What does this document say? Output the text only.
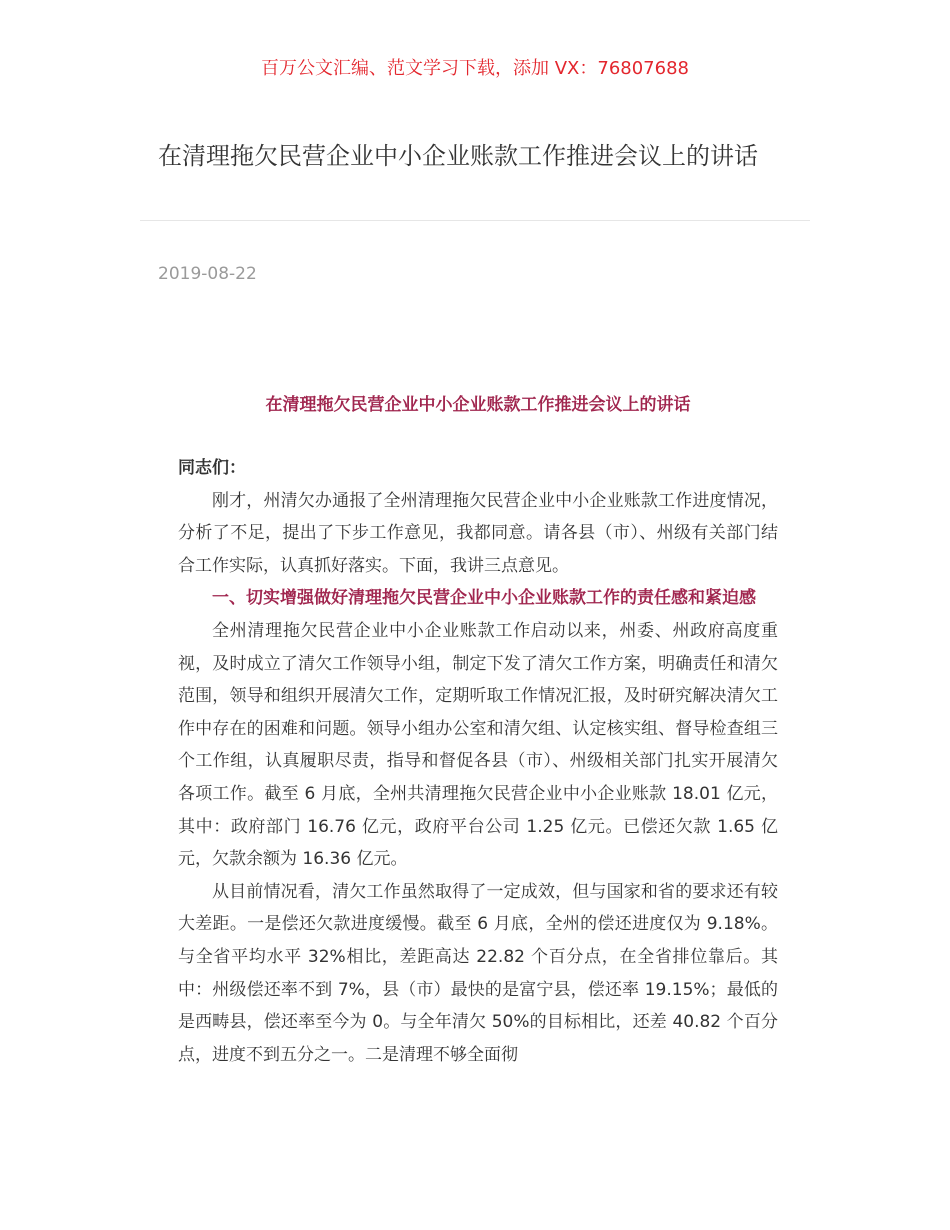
百万公文汇编、范文学习下载，添加 VX：76807688
在清理拖欠民营企业中小企业账款工作推进会议上的讲话
2019-08-22

在清理拖欠民营企业中小企业账款工作推进会议上的讲话

同志们：

刚才，州清欠办通报了全州清理拖欠民营企业中小企业账款工作进度情况，分析了不足，提出了下步工作意见，我都同意。请各县（市）、州级有关部门结合工作实际，认真抓好落实。下面，我讲三点意见。

一、切实增强做好清理拖欠民营企业中小企业账款工作的责任感和紧迫感

全州清理拖欠民营企业中小企业账款工作启动以来，州委、州政府高度重视，及时成立了清欠工作领导小组，制定下发了清欠工作方案，明确责任和清欠范围，领导和组织开展清欠工作，定期听取工作情况汇报，及时研究解决清欠工作中存在的困难和问题。领导小组办公室和清欠组、认定核实组、督导检查组三个工作组，认真履职尽责，指导和督促各县（市）、州级相关部门扎实开展清欠各项工作。截至 6 月底，全州共清理拖欠民营企业中小企业账款 18.01 亿元，其中：政府部门 16.76 亿元，政府平台公司 1.25 亿元。已偿还欠款 1.65 亿元，欠款余额为 16.36 亿元。

从目前情况看，清欠工作虽然取得了一定成效，但与国家和省的要求还有较大差距。一是偿还欠款进度缓慢。截至 6 月底，全州的偿还进度仅为 9.18%。与全省平均水平 32%相比，差距高达 22.82 个百分点，在全省排位靠后。其中：州级偿还率不到 7%，县（市）最快的是富宁县，偿还率 19.15%；最低的是西畴县，偿还率至今为 0。与全年清欠 50%的目标相比，还差 40.82 个百分点，进度不到五分之一。二是清理不够全面彻
